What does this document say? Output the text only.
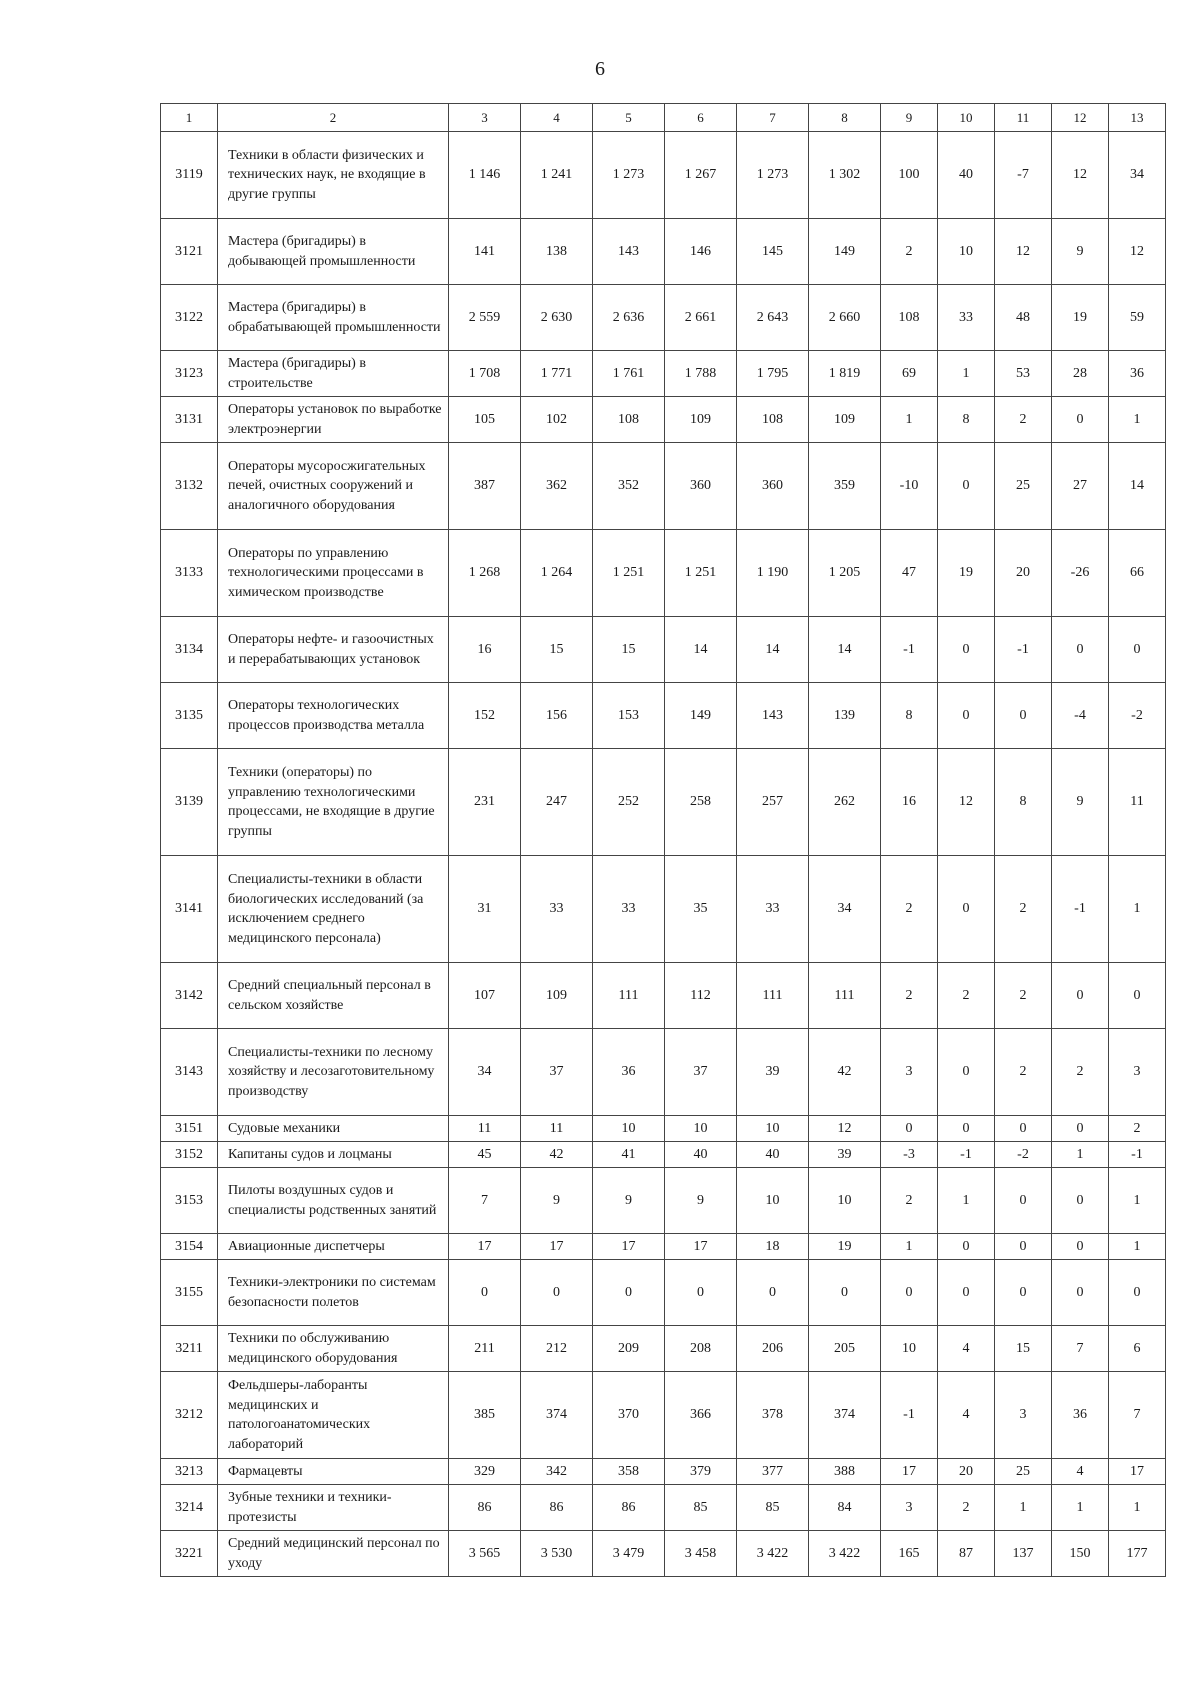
6
1	2	3	4	5	6	7	8	9	10	11	12	13
3119	Техники в области физических и технических наук, не входящие в другие группы	1 146	1 241	1 273	1 267	1 273	1 302	100	40	-7	12	34
3121	Мастера (бригадиры) в добывающей промышленности	141	138	143	146	145	149	2	10	12	9	12
3122	Мастера (бригадиры) в обрабатывающей промышленности	2 559	2 630	2 636	2 661	2 643	2 660	108	33	48	19	59
3123	Мастера (бригадиры) в строительстве	1 708	1 771	1 761	1 788	1 795	1 819	69	1	53	28	36
3131	Операторы установок по выработке электроэнергии	105	102	108	109	108	109	1	8	2	0	1
3132	Операторы мусоросжигательных печей, очистных сооружений и аналогичного оборудования	387	362	352	360	360	359	-10	0	25	27	14
3133	Операторы по управлению технологическими процессами в химическом производстве	1 268	1 264	1 251	1 251	1 190	1 205	47	19	20	-26	66
3134	Операторы нефте- и газоочистных и перерабатывающих установок	16	15	15	14	14	14	-1	0	-1	0	0
3135	Операторы технологических процессов производства металла	152	156	153	149	143	139	8	0	0	-4	-2
3139	Техники (операторы) по управлению технологическими процессами, не входящие в другие группы	231	247	252	258	257	262	16	12	8	9	11
3141	Специалисты-техники в области биологических исследований (за исключением среднего медицинского персонала)	31	33	33	35	33	34	2	0	2	-1	1
3142	Средний специальный персонал в сельском хозяйстве	107	109	111	112	111	111	2	2	2	0	0
3143	Специалисты-техники по лесному хозяйству и лесозаготовительному производству	34	37	36	37	39	42	3	0	2	2	3
3151	Судовые механики	11	11	10	10	10	12	0	0	0	0	2
3152	Капитаны судов и лоцманы	45	42	41	40	40	39	-3	-1	-2	1	-1
3153	Пилоты воздушных судов и специалисты родственных занятий	7	9	9	9	10	10	2	1	0	0	1
3154	Авиационные диспетчеры	17	17	17	17	18	19	1	0	0	0	1
3155	Техники-электроники по системам безопасности полетов	0	0	0	0	0	0	0	0	0	0	0
3211	Техники по обслуживанию медицинского оборудования	211	212	209	208	206	205	10	4	15	7	6
3212	Фельдшеры-лаборанты медицинских и патологоанатомических лабораторий	385	374	370	366	378	374	-1	4	3	36	7
3213	Фармацевты	329	342	358	379	377	388	17	20	25	4	17
3214	Зубные техники и техники-протезисты	86	86	86	85	85	84	3	2	1	1	1
3221	Средний медицинский персонал по уходу	3 565	3 530	3 479	3 458	3 422	3 422	165	87	137	150	177
